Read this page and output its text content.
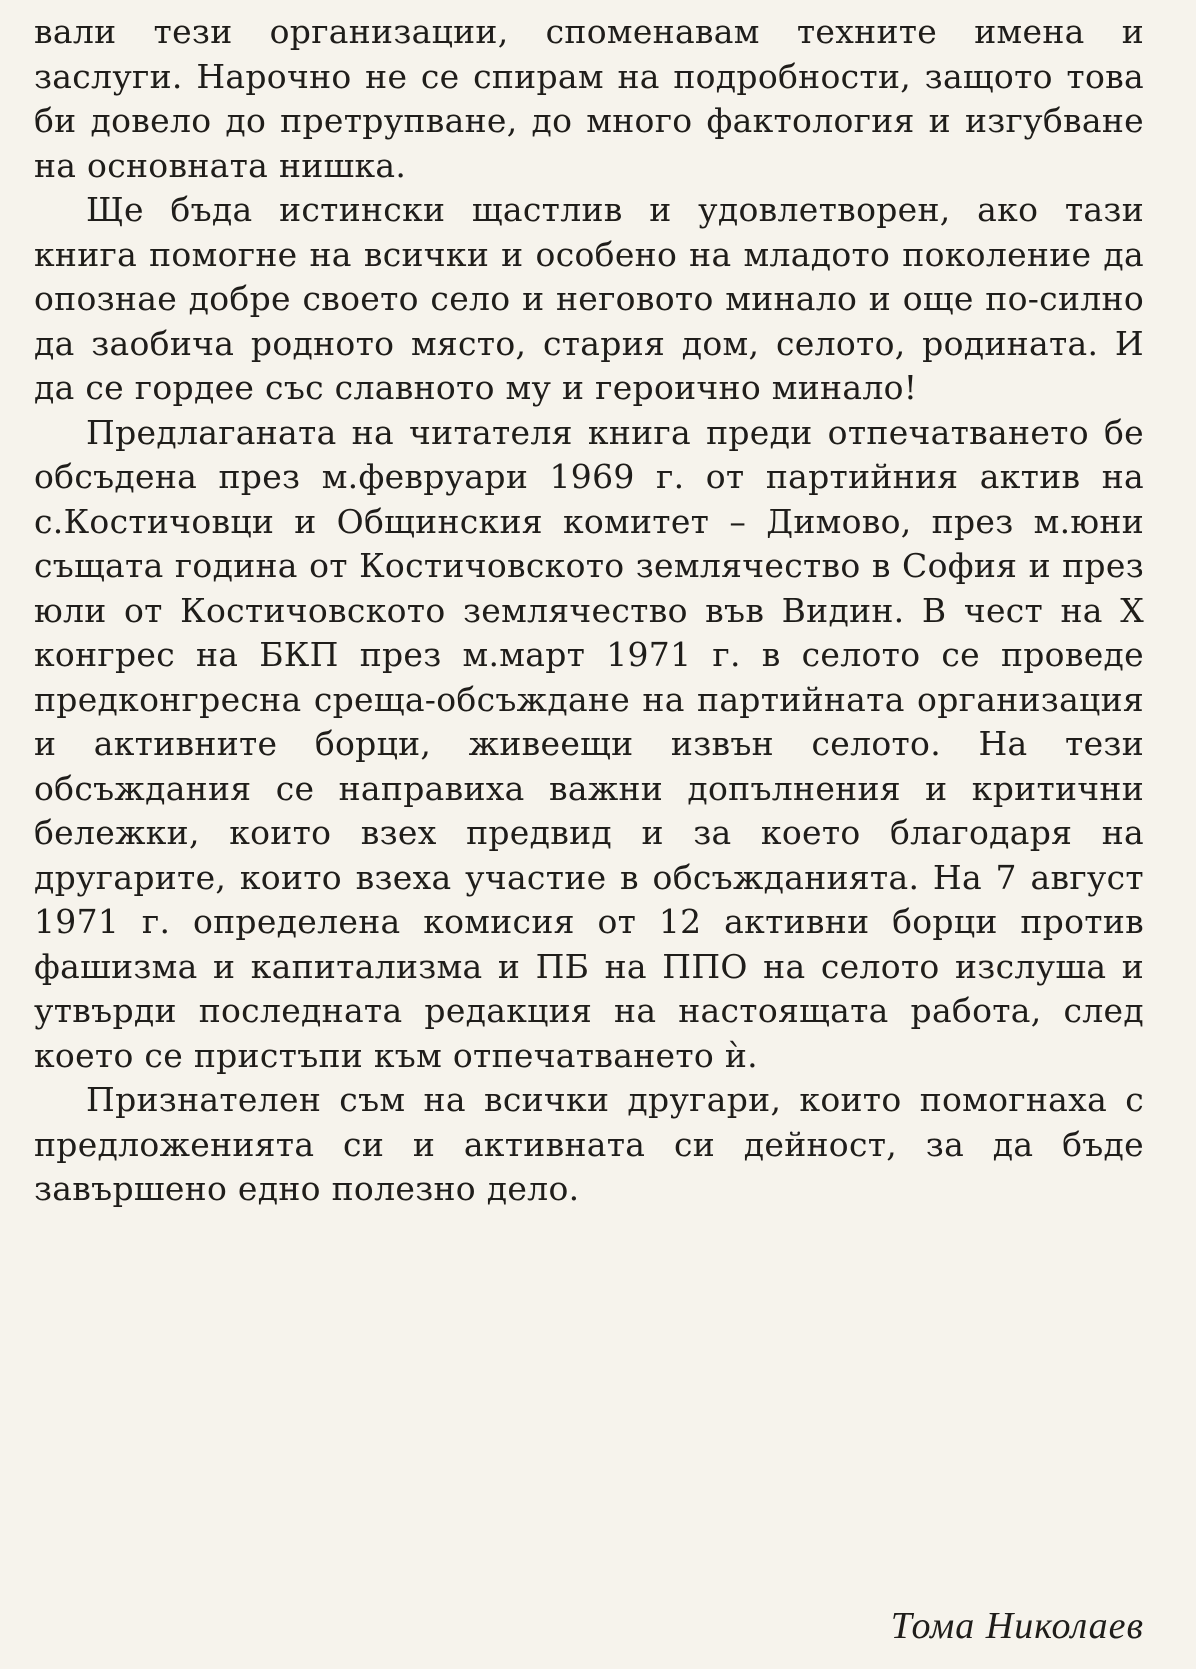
вали тези организации, споменавам техните имена и заслуги. Нарочно не се спирам на подробности, защото това би довело до претрупване, до много фактология и изгубване на основната нишка.

Ще бъда истински щастлив и удовлетворен, ако тази книга помогне на всички и особено на младото поколение да опознае добре своето село и неговото минало и още по-силно да заобича родното място, стария дом, селото, родината. И да се гордее със славното му и героично минало!

Предлаганата на читателя книга преди отпечатването бе обсъдена през м.февруари 1969 г. от партийния актив на с.Костичовци и Общинския комитет – Димово, през м.юни същата година от Костичовското землячество в София и през юли от Костичовското землячество във Видин. В чест на X конгрес на БКП през м.март 1971 г. в селото се проведе предконгресна среща-обсъждане на партийната организация и активните борци, живеещи извън селото. На тези обсъждания се направиха важни допълнения и критични бележки, които взех предвид и за което благодаря на другарите, които взеха участие в обсъжданията. На 7 август 1971 г. определена комисия от 12 активни борци против фашизма и капитализма и ПБ на ППО на селото изслуша и утвърди последната редакция на настоящата работа, след което се пристъпи към отпечатването ѝ.

Признателен съм на всички другари, които помогнаха с предложенията си и активната си дейност, за да бъде завършено едно полезно дело.

Тома Николаев
